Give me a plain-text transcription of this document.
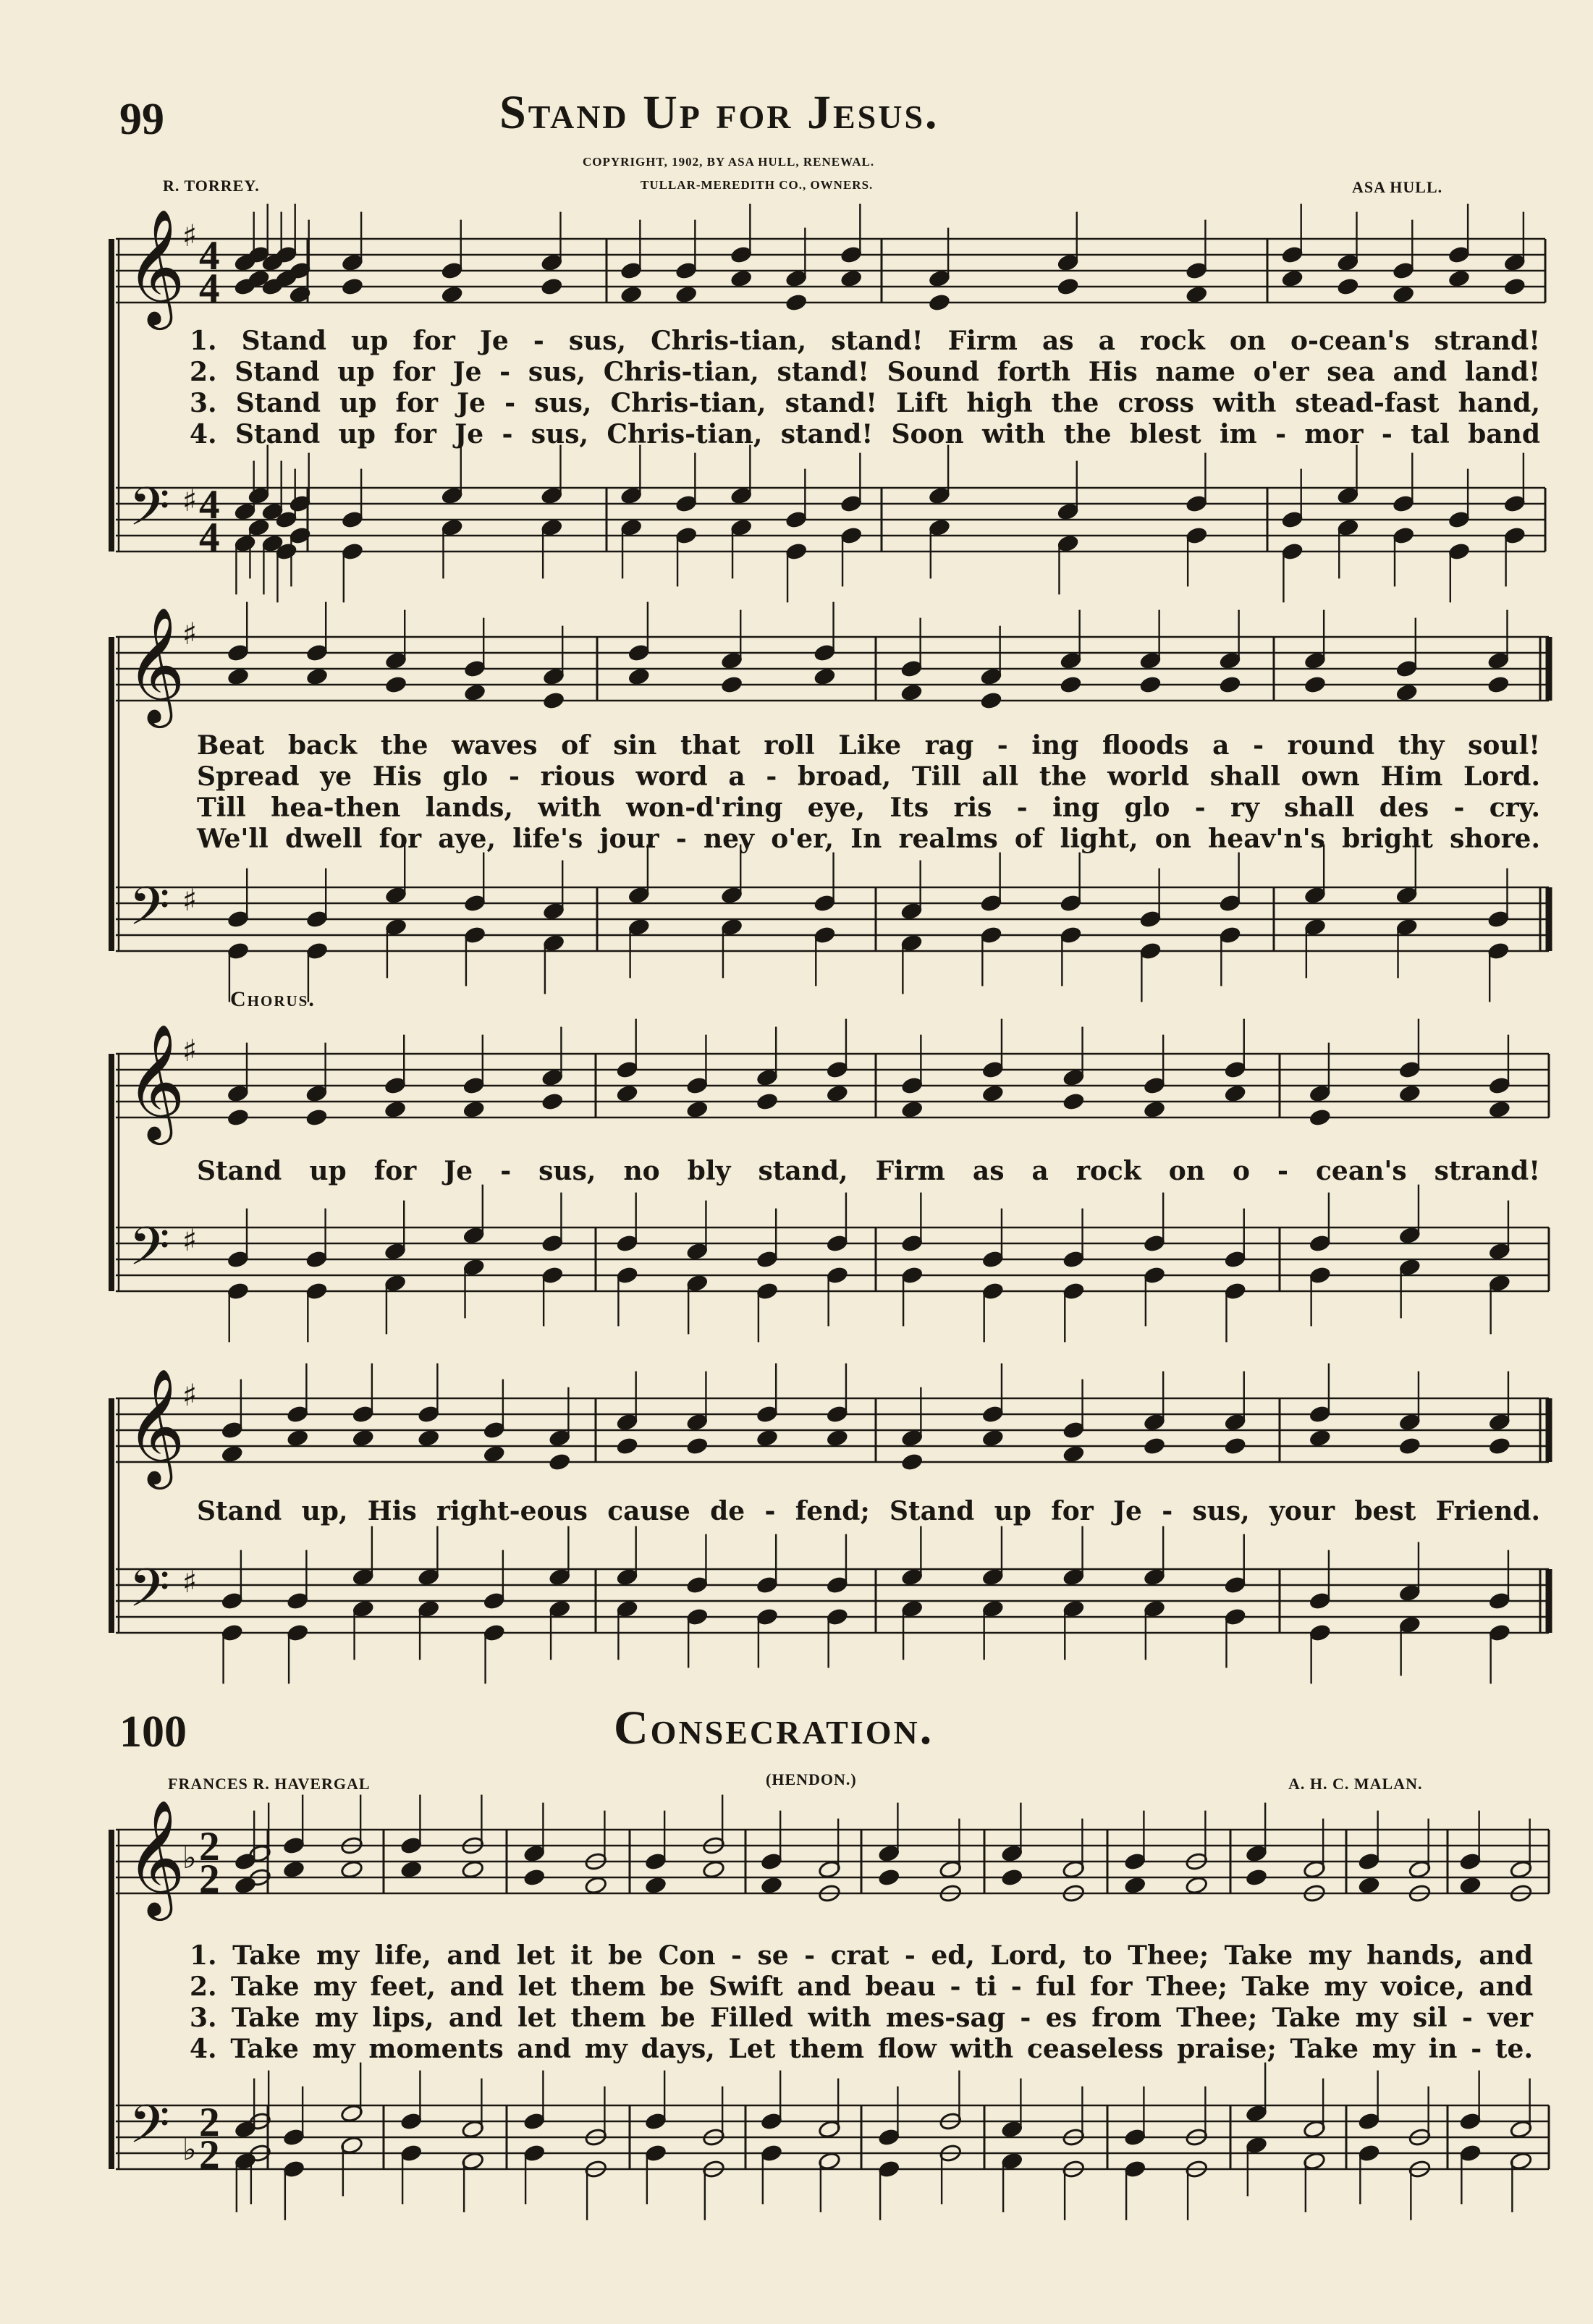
99	Stand Up for Jesus.
COPYRIGHT, 1902, BY ASA HULL, RENEWAL.
TULLAR-MEREDITH CO., OWNERS.
R. TORREY.	ASA HULL.
Chorus.
100	Consecration.
(HENDON.)
FRANCES R. HAVERGAL	A. H. C. MALAN.
𝄞
𝄢
♯
♯
4
4
4
4
𝄞
𝄢
♯
♯
𝄞
𝄢
♯
♯
𝄞
𝄢
♯
♯
𝄞
𝄢
♭
♭
2
2
2
2
1. Stand up for Je - sus, Chris-tian, stand! Firm as a rock on o-cean's strand!
2. Stand up for Je - sus, Chris-tian, stand! Sound forth His name o'er sea and land!
3. Stand up for Je - sus, Chris-tian, stand! Lift high the cross with stead-fast hand,
4. Stand up for Je - sus, Chris-tian, stand! Soon with the blest im - mor - tal band
Beat back the waves of sin that roll Like rag - ing floods a - round thy soul!
Spread ye His glo - rious word a - broad, Till all the world shall own Him Lord.
Till hea-then lands, with won-d'ring eye, Its ris - ing glo - ry shall des - cry.
We'll dwell for aye, life's jour - ney o'er, In realms of light, on heav'n's bright shore.
Stand up for Je - sus, no bly stand, Firm as a rock on o - cean's strand!
Stand up, His right-eous cause de - fend; Stand up for Je - sus, your best Friend.
1. Take my life, and let it be Con - se - crat - ed, Lord, to Thee; Take my hands, and
2. Take my feet, and let them be Swift and beau - ti - ful for Thee; Take my voice, and
3. Take my lips, and let them be Filled with mes-sag - es from Thee; Take my sil - ver
4. Take my moments and my days, Let them flow with ceaseless praise; Take my in - te.
